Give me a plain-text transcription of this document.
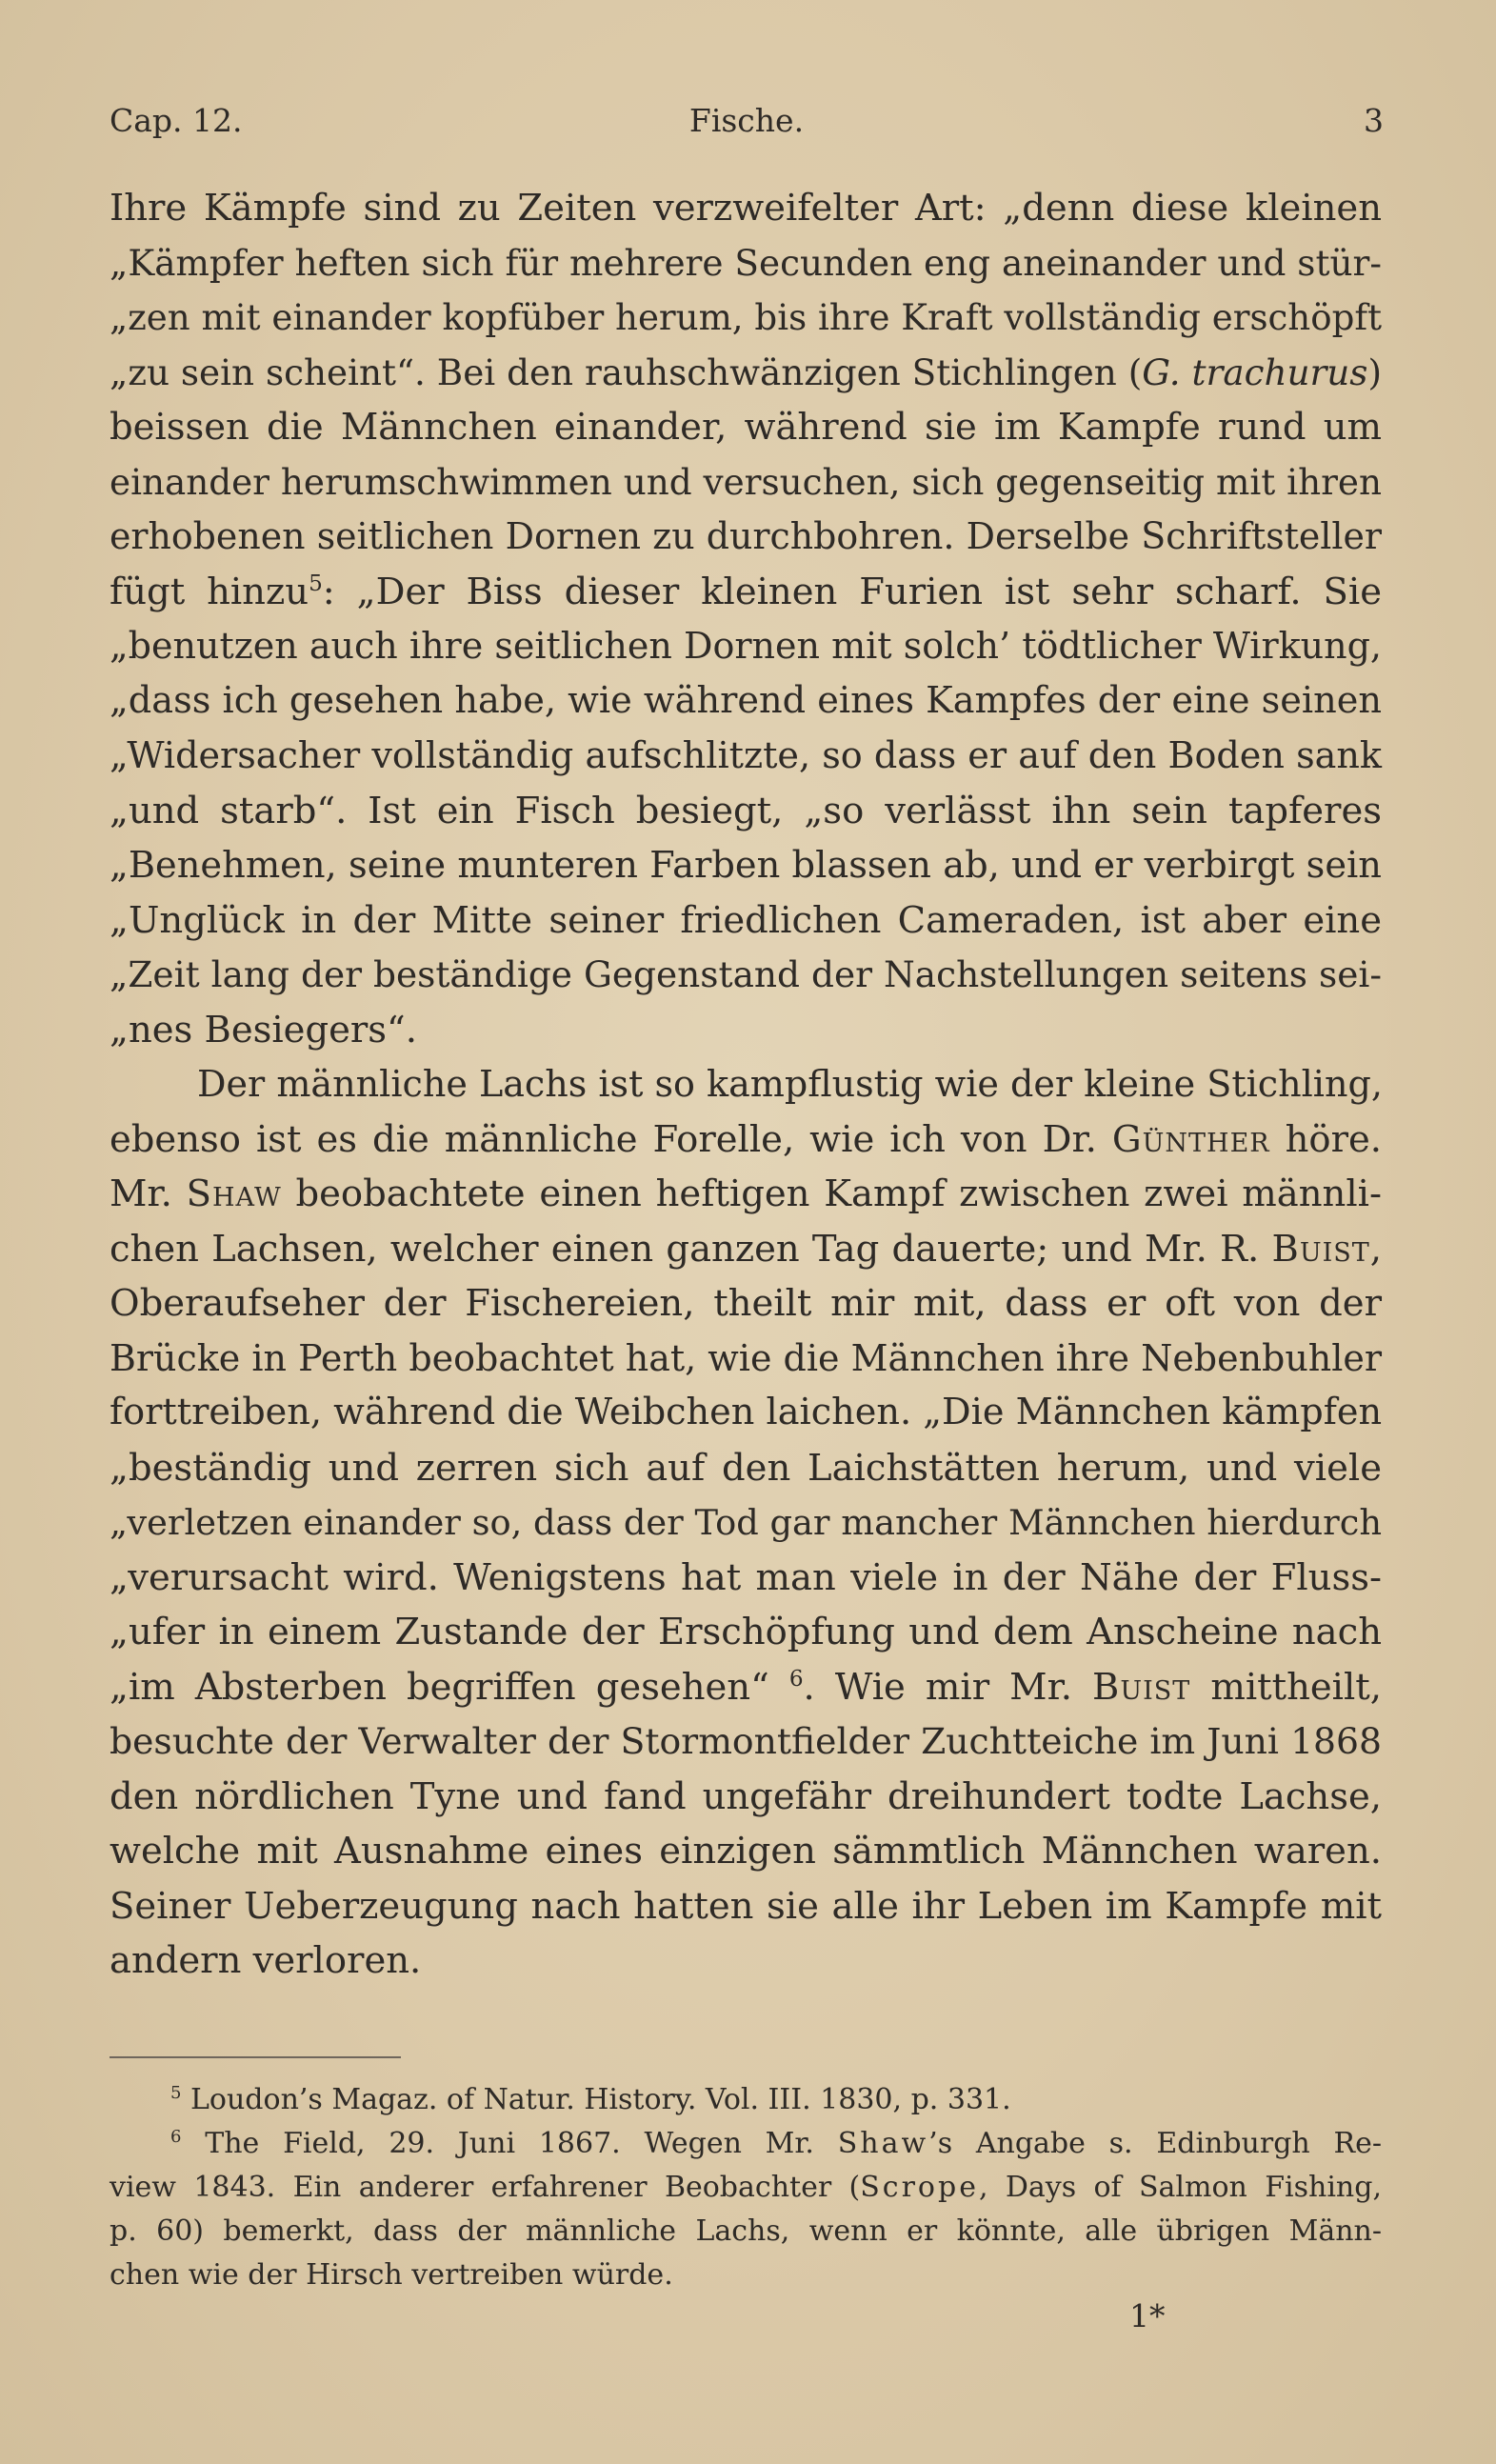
Cap. 12.	Fische.	3
Ihre Kämpfe sind zu Zeiten verzweifelter Art: „denn diese kleinen
„Kämpfer heften sich für mehrere Secunden eng aneinander und stür-
„zen mit einander kopfüber herum, bis ihre Kraft vollständig erschöpft
„zu sein scheint“. Bei den rauhschwänzigen Stichlingen (G. trachurus)
beissen die Männchen einander, während sie im Kampfe rund um
einander herumschwimmen und versuchen, sich gegenseitig mit ihren
erhobenen seitlichen Dornen zu durchbohren. Derselbe Schriftsteller
fügt hinzu$^5$: „Der Biss dieser kleinen Furien ist sehr scharf. Sie
„benutzen auch ihre seitlichen Dornen mit solch’ tödtlicher Wirkung,
„dass ich gesehen habe, wie während eines Kampfes der eine seinen
„Widersacher vollständig aufschlitzte, so dass er auf den Boden sank
„und starb“. Ist ein Fisch besiegt, „so verlässt ihn sein tapferes
„Benehmen, seine munteren Farben blassen ab, und er verbirgt sein
„Unglück in der Mitte seiner friedlichen Cameraden, ist aber eine
„Zeit lang der beständige Gegenstand der Nachstellungen seitens sei-
„nes Besiegers“.
Der männliche Lachs ist so kampflustig wie der kleine Stichling,
ebenso ist es die männliche Forelle, wie ich von Dr. Günther höre.
Mr. Shaw beobachtete einen heftigen Kampf zwischen zwei männli-
chen Lachsen, welcher einen ganzen Tag dauerte; und Mr. R. Buist,
Oberaufseher der Fischereien, theilt mir mit, dass er oft von der
Brücke in Perth beobachtet hat, wie die Männchen ihre Nebenbuhler
forttreiben, während die Weibchen laichen. „Die Männchen kämpfen
„beständig und zerren sich auf den Laichstätten herum, und viele
„verletzen einander so, dass der Tod gar mancher Männchen hierdurch
„verursacht wird. Wenigstens hat man viele in der Nähe der Fluss-
„ufer in einem Zustande der Erschöpfung und dem Anscheine nach
„im Absterben begriffen gesehen“ $^6$. Wie mir Mr. Buist mittheilt,
besuchte der Verwalter der Stormontfielder Zuchtteiche im Juni 1868
den nördlichen Tyne und fand ungefähr dreihundert todte Lachse,
welche mit Ausnahme eines einzigen sämmtlich Männchen waren.
Seiner Ueberzeugung nach hatten sie alle ihr Leben im Kampfe mit
andern verloren.
$^5$ Loudon’s Magaz. of Natur. History. Vol. III. 1830, p. 331.
$^6$ The Field, 29. Juni 1867. Wegen Mr. Shaw’s Angabe s. Edinburgh Re-
view 1843. Ein anderer erfahrener Beobachter (Scrope, Days of Salmon Fishing,
p. 60) bemerkt, dass der männliche Lachs, wenn er könnte, alle übrigen Männ-
chen wie der Hirsch vertreiben würde.
1*
